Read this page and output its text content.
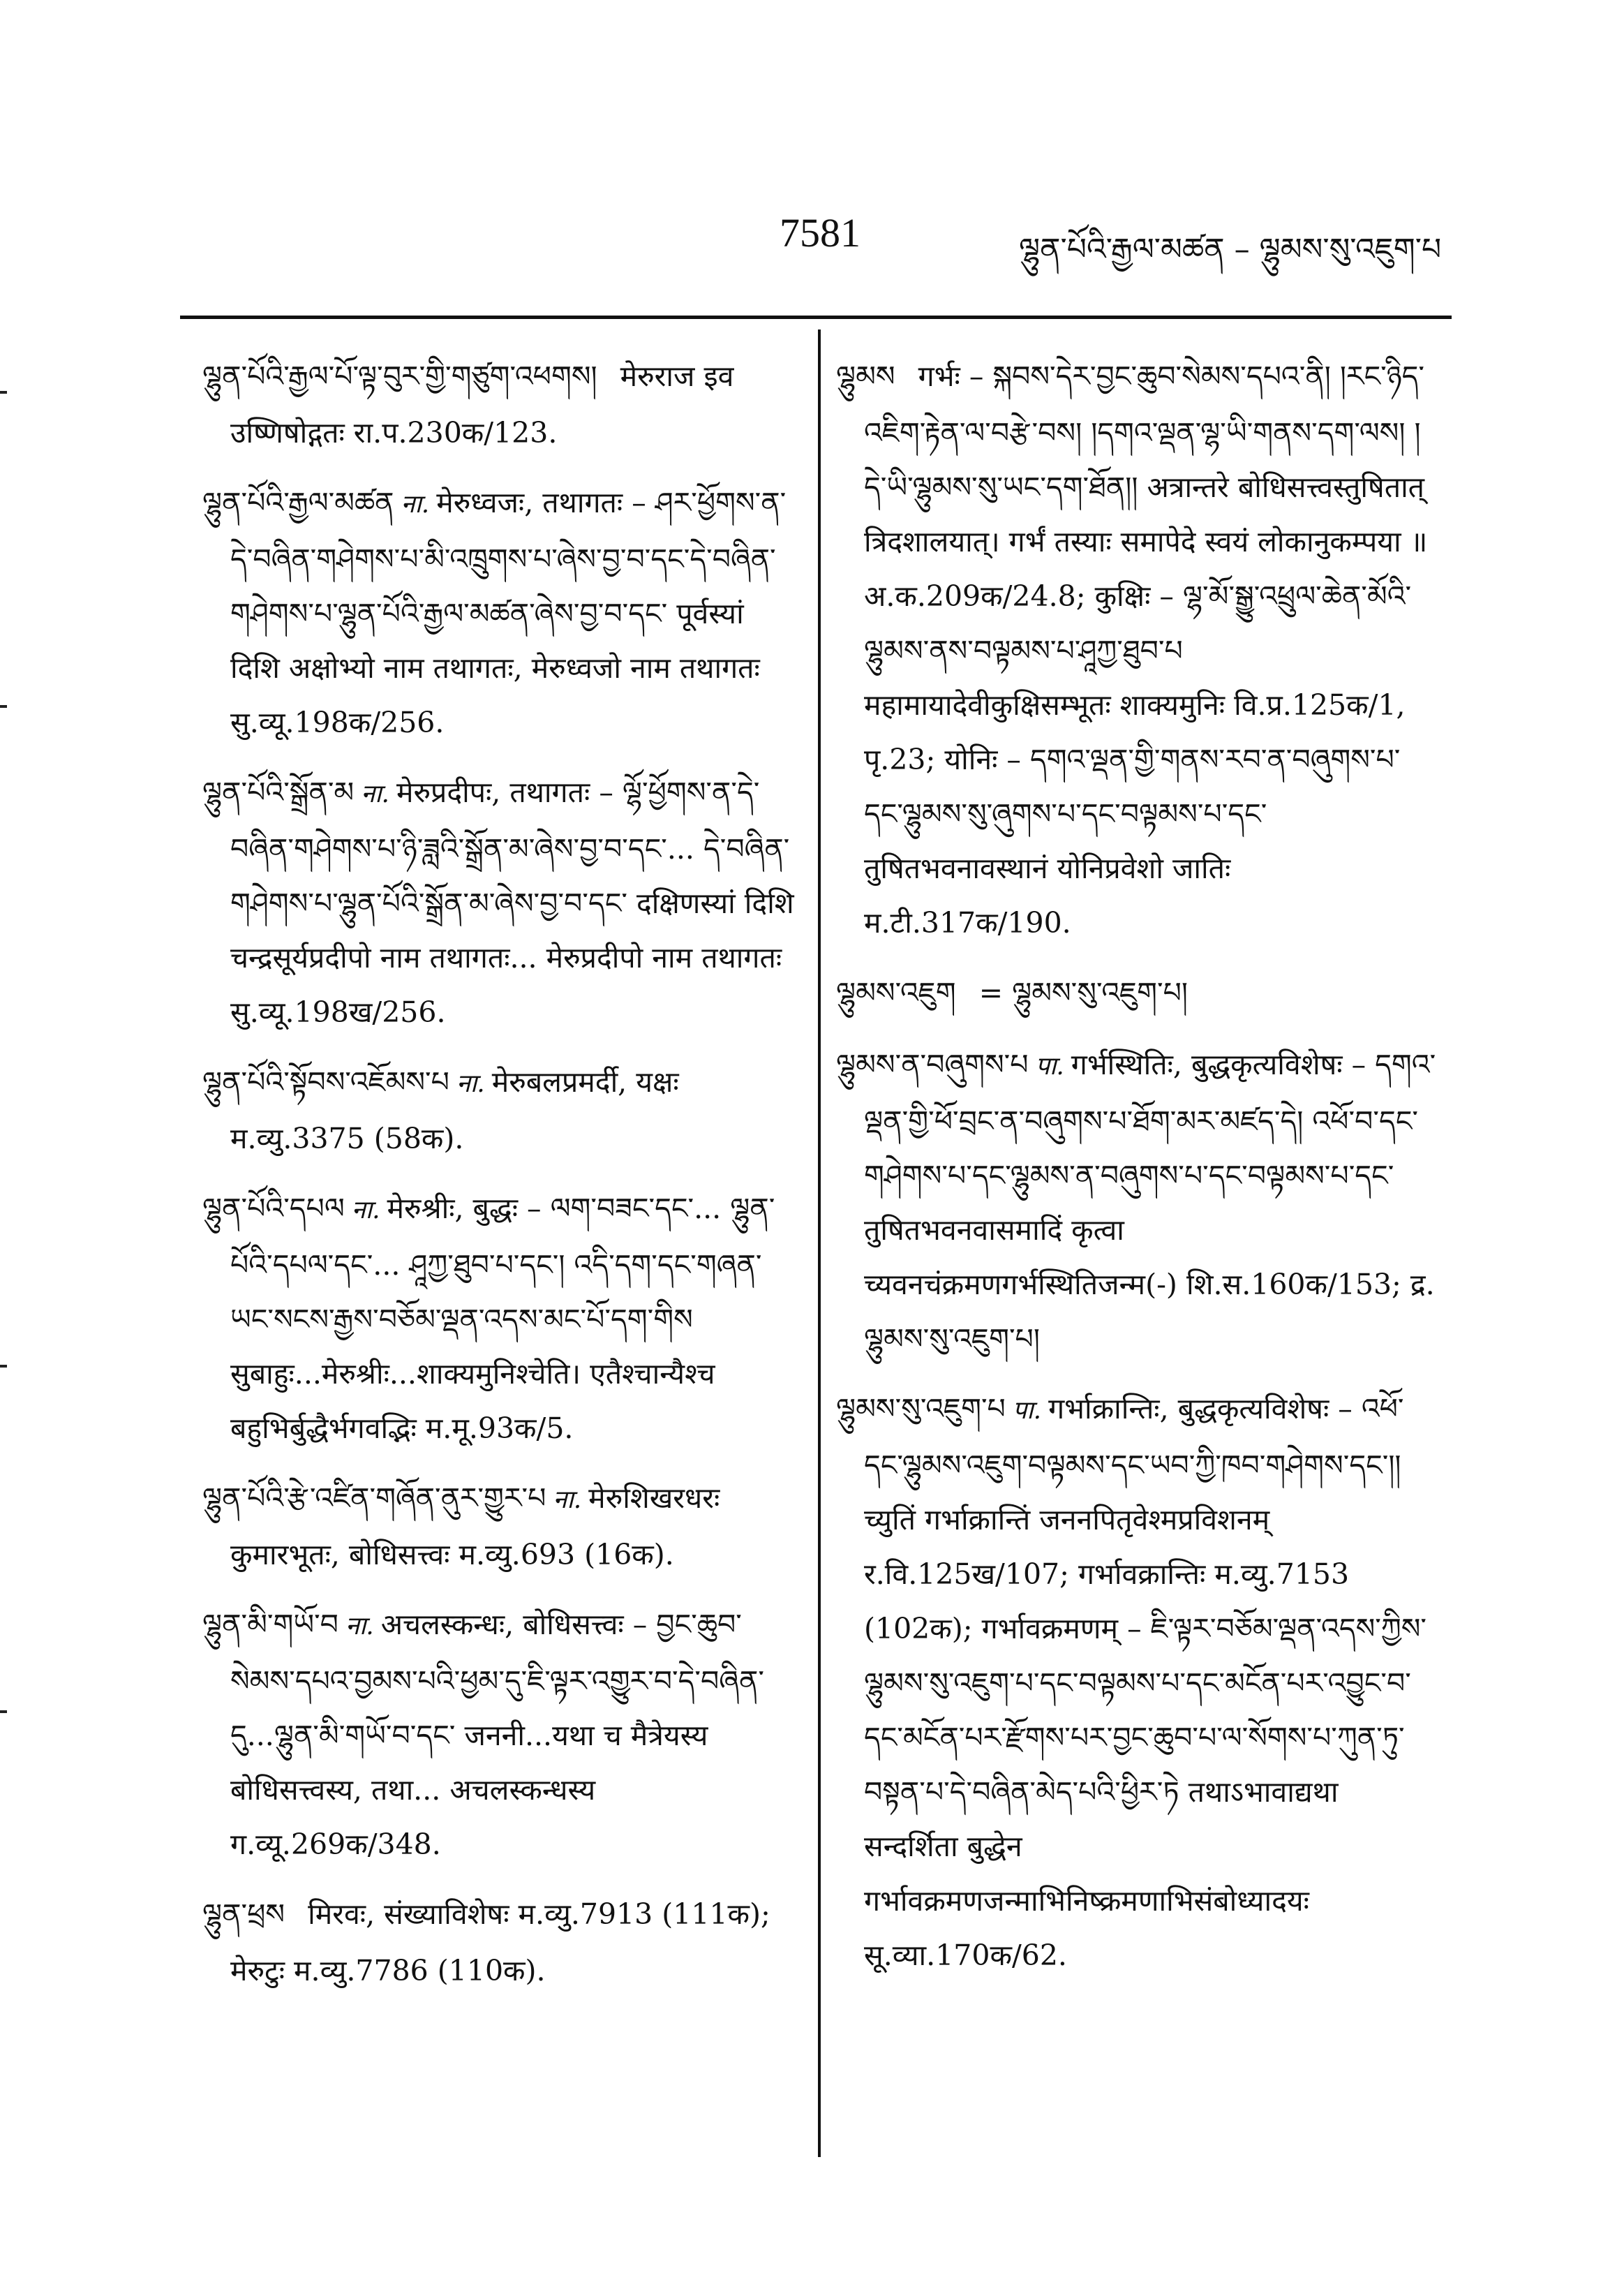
7581	ལྷུན་པོའི་རྒྱལ་མཚན – ལྷུམས་སུ་འཇུག་པ

ལྷུན་པོའི་རྒྱལ་པོ་ལྟ་བུར་གྱི་གཙུག་འཕགས། मेरुराज इव उष्णिषोद्गतः रा.प.230क/123.

ལྷུན་པོའི་རྒྱལ་མཚན ना. मेरुध्वजः, तथागतः – ཤར་ཕྱོགས་ན་དེ་བཞིན་གཤེགས་པ་མི་འཁྲུགས་པ་ཞེས་བྱ་བ་དང་དེ་བཞིན་གཤེགས་པ་ལྷུན་པོའི་རྒྱལ་མཚན་ཞེས་བྱ་བ་དང་ पूर्वस्यां दिशि अक्षोभ्यो नाम तथागतः, मेरुध्वजो नाम तथागतः सु.व्यू.198क/256.

ལྷུན་པོའི་སྒྲོན་མ ना. मेरुप्रदीपः, तथागतः – ལྷོ་ཕྱོགས་ན་དེ་བཞིན་གཤེགས་པ་ཉི་ཟླའི་སྒྲོན་མ་ཞེས་བྱ་བ་དང་... དེ་བཞིན་གཤེགས་པ་ལྷུན་པོའི་སྒྲོན་མ་ཞེས་བྱ་བ་དང་ दक्षिणस्यां दिशि चन्द्रसूर्यप्रदीपो नाम तथागतः... मेरुप्रदीपो नाम तथागतः सु.व्यू.198ख/256.

ལྷུན་པོའི་སྟོབས་འཇོམས་པ ना. मेरुबलप्रमर्दी, यक्षः म.व्यु.3375 (58क).

ལྷུན་པོའི་དཔལ ना. मेरुश्रीः, बुद्धः – ལག་བཟང་དང་... ལྷུན་པོའི་དཔལ་དང་... ཤཱཀྱ་ཐུབ་པ་དང་། འདི་དག་དང་གཞན་ཡང་སངས་རྒྱས་བཅོམ་ལྡན་འདས་མང་པོ་དག་གིས सुबाहुः...मेरुश्रीः...शाक्यमुनिश्चेति। एतैश्चान्यैश्च बहुभिर्बुद्धैर्भगवद्भिः म.मू.93क/5.

ལྷུན་པོའི་རྩེ་འཛིན་གཞོན་ནུར་གྱུར་པ ना. मेरुशिखरधरः कुमारभूतः, बोधिसत्त्वः म.व्यु.693 (16क).

ལྷུན་མི་གཡོ་བ ना. अचलस्कन्धः, बोधिसत्त्वः – བྱང་ཆུབ་སེམས་དཔའ་བྱམས་པའི་ཕྱམ་དུ་ཇི་ལྟར་འགྱུར་བ་དེ་བཞིན་དུ...ལྷུན་མི་གཡོ་བ་དང་ जननी...यथा च मैत्रेयस्य बोधिसत्त्वस्य, तथा... अचलस्कन्धस्य ग.व्यू.269क/348.

ལྷུན་ཕྲས मिरवः, संख्याविशेषः म.व्यु.7913 (111क); मेरुटुः म.व्यु.7786 (110क).

ལྷུམས गर्भः – སྐབས་དེར་བྱང་ཆུབ་སེམས་དཔའ་ནི། །རང་ཉིད་འཇིག་རྟེན་ལ་བརྩེ་བས། །དགའ་ལྡན་ལྷ་ཡི་གནས་དག་ལས། །དེ་ཡི་ལྷུམས་སུ་ཡང་དག་ཐོན།། अत्रान्तरे बोधिसत्त्वस्तुषितात् त्रिदशालयात्। गर्भं तस्याः समापेदे स्वयं लोकानुकम्पया ॥ अ.क.209क/24.8; कुक्षिः – ལྷ་མོ་སྒྱུ་འཕྲུལ་ཆེན་མོའི་ལྷུམས་ནས་བལྟམས་པ་ཤཱཀྱ་ཐུབ་པ महामायादेवीकुक्षिसम्भूतः शाक्यमुनिः वि.प्र.125क/1, पृ.23; योनिः – དགའ་ལྡན་གྱི་གནས་རབ་ན་བཞུགས་པ་དང་ལྷུམས་སུ་ཞུགས་པ་དང་བལྟམས་པ་དང་ तुषितभवनावस्थानं योनिप्रवेशो जातिः म.टी.317क/190.

ལྷུམས་འཇུག = ལྷུམས་སུ་འཇུག་པ།

ལྷུམས་ན་བཞུགས་པ पा. गर्भस्थितिः, बुद्धकृत्यविशेषः – དགའ་ལྡན་གྱི་ཕོ་བྲང་ན་བཞུགས་པ་ཐོག་མར་མཛད་དེ། འཕོ་བ་དང་གཤེགས་པ་དང་ལྷུམས་ན་བཞུགས་པ་དང་བལྟམས་པ་དང་ तुषितभवनवासमादिं कृत्वा च्यवनचंक्रमणगर्भस्थितिजन्म(-) शि.स.160क/153; द्र. ལྷུམས་སུ་འཇུག་པ།

ལྷུམས་སུ་འཇུག་པ पा. गर्भाक्रान्तिः, बुद्धकृत्यविशेषः – འཕོ་དང་ལྷུམས་འཇུག་བལྟམས་དང་ཡབ་ཀྱི་ཁབ་གཤེགས་དང་།། च्युतिं गर्भाक्रान्तिं जननपितृवेश्मप्रविशनम् र.वि.125ख/107; गर्भावक्रान्तिः म.व्यु.7153 (102क); गर्भावक्रमणम् – ཇི་ལྟར་བཅོམ་ལྡན་འདས་ཀྱིས་ལྷུམས་སུ་འཇུག་པ་དང་བལྟམས་པ་དང་མངོན་པར་འབྱུང་བ་དང་མངོན་པར་རྫོགས་པར་བྱང་ཆུབ་པ་ལ་སོགས་པ་ཀུན་ཏུ་བསྟན་པ་དེ་བཞིན་མེད་པའི་ཕྱིར་ཏེ तथाऽभावाद्यथा सन्दर्शिता बुद्धेन गर्भावक्रमणजन्माभिनिष्क्रमणाभिसंबोध्यादयः सू.व्या.170क/62.
